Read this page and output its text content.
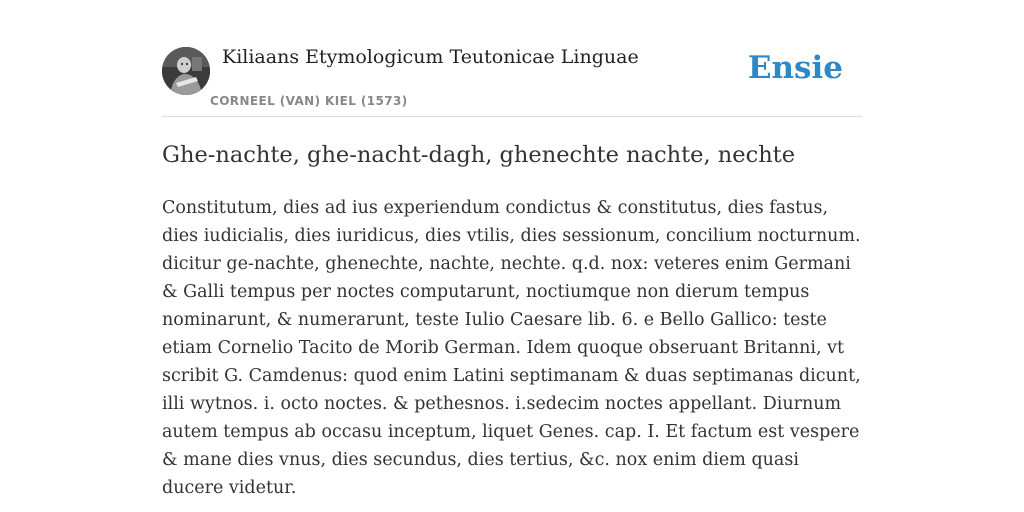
Kiliaans Etymologicum Teutonicae Linguae
CORNEEL (VAN) KIEL (1573)
Ensie
Ghe-nachte, ghe-nacht-dagh, ghenechte nachte, nechte

Constitutum, dies ad ius experiendum condictus & constitutus, dies fastus, dies iudicialis, dies iuridicus, dies vtilis, dies sessionum, concilium nocturnum. dicitur ge-nachte, ghenechte, nachte, nechte. q.d. nox: veteres enim Germani & Galli tempus per noctes computarunt, noctiumque non dierum tempus nominarunt, & numerarunt, teste Iulio Caesare lib. 6. e Bello Gallico: teste etiam Cornelio Tacito de Morib German. Idem quoque obseruant Britanni, vt scribit G. Camdenus: quod enim Latini septimanam & duas septimanas dicunt, illi wytnos. i. octo noctes. & pethesnos. i.sedecim noctes appellant. Diurnum autem tempus ab occasu inceptum, liquet Genes. cap. I. Et factum est vespere & mane dies vnus, dies secundus, dies tertius, &c. nox enim diem quasi ducere videtur.
